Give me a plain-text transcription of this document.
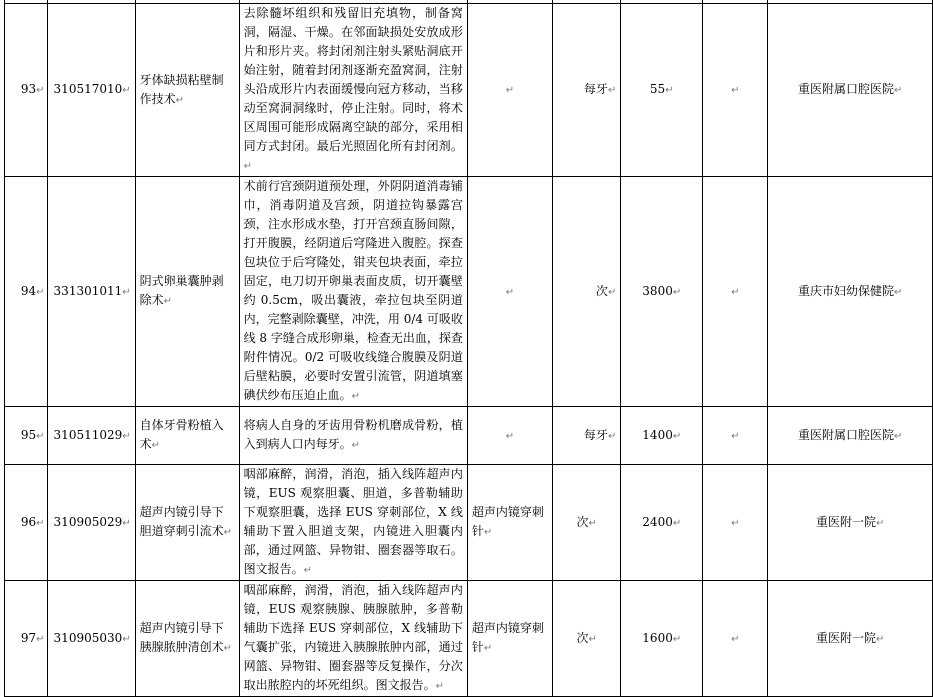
93↵	310517010↵	牙体缺损粘壁制作技术↵	去除髓坏组织和残留旧充填物，制备窝洞，隔湿、干燥。在邻面缺损处安放成形片和形片夹。将封闭剂注射头紧贴洞底开始注射，随着封闭剂逐渐充盈窝洞，注射头沿成形片内表面缓慢向冠方移动，当移动至窝洞洞缘时，停止注射。同时，将术区周围可能形成隔离空缺的部分，采用相同方式封闭。最后光照固化所有封闭剂。↵	↵	每牙↵	55↵	↵	重医附属口腔医院↵
94↵	331301011↵	阴式卵巢囊肿剥除术↵	术前行宫颈阴道预处理，外阴阴道消毒铺巾，消毒阴道及宫颈，阴道拉钩暴露宫颈，注水形成水垫，打开宫颈直肠间隙，打开腹膜，经阴道后穹隆进入腹腔。探查包块位于后穹隆处，钳夹包块表面，牵拉固定，电刀切开卵巢表面皮质，切开囊壁约 0.5cm，吸出囊液，牵拉包块至阴道内，完整剥除囊壁，冲洗，用 0/4 可吸收线 8 字缝合成形卵巢，检查无出血，探查附件情况。0/2 可吸收线缝合腹膜及阴道后壁粘膜，必要时安置引流管，阴道填塞碘伏纱布压迫止血。↵	↵	次↵	3800↵	↵	重庆市妇幼保健院↵
95↵	310511029↵	自体牙骨粉植入术↵	将病人自身的牙齿用骨粉机磨成骨粉，植入到病人口内每牙。↵	↵	每牙↵	1400↵	↵	重医附属口腔医院↵
96↵	310905029↵	超声内镜引导下胆道穿刺引流术↵	咽部麻醉，润滑，消泡，插入线阵超声内镜，EUS 观察胆囊、胆道，多普勒辅助下观察胆囊，选择 EUS 穿刺部位，X 线辅助下置入胆道支架，内镜进入胆囊内部，通过网篮、异物钳、圈套器等取石。图文报告。↵	超声内镜穿刺针↵	次↵	2400↵	↵	重医附一院↵
97↵	310905030↵	超声内镜引导下胰腺脓肿清创术↵	咽部麻醉，润滑，消泡，插入线阵超声内镜，EUS 观察胰腺、胰腺脓肿，多普勒辅助下选择 EUS 穿刺部位，X 线辅助下气囊扩张，内镜进入胰腺脓肿内部，通过网篮、异物钳、圈套器等反复操作，分次取出脓腔内的坏死组织。图文报告。↵	超声内镜穿刺针↵	次↵	1600↵	↵	重医附一院↵
